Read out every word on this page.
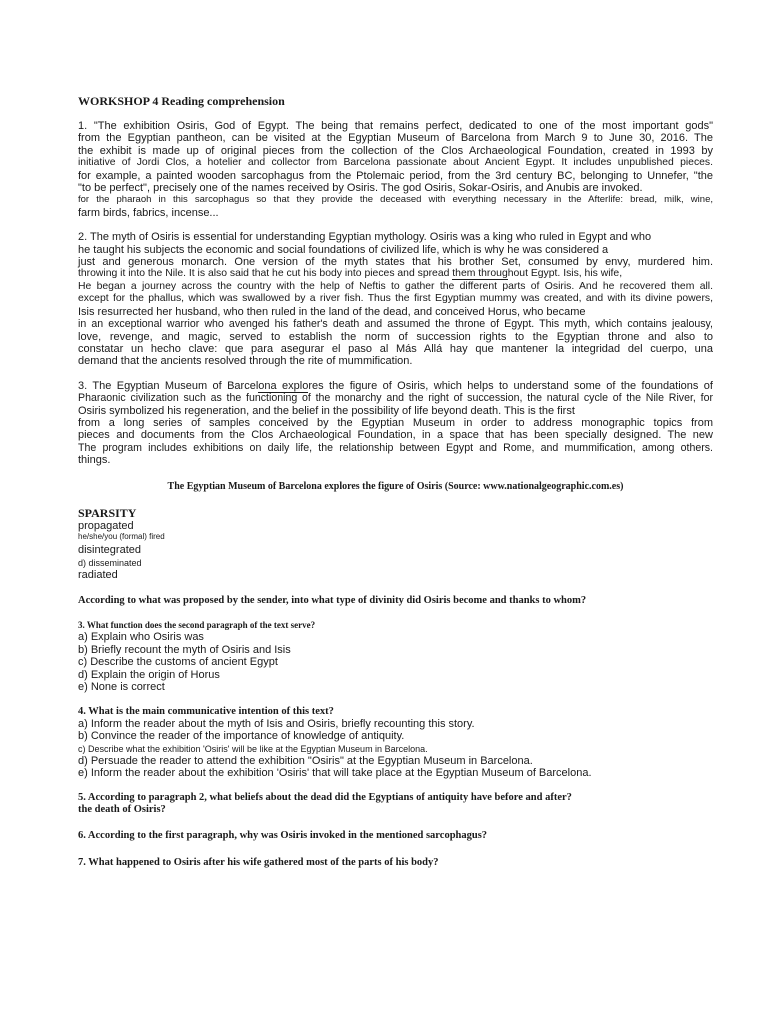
WORKSHOP 4 Reading comprehension
1. "The exhibition Osiris, God of Egypt. The being that remains perfect, dedicated to one of the most important gods"
from the Egyptian pantheon, can be visited at the Egyptian Museum of Barcelona from March 9 to June 30, 2016. The
the exhibit is made up of original pieces from the collection of the Clos Archaeological Foundation, created in 1993 by
initiative of Jordi Clos, a hotelier and collector from Barcelona passionate about Ancient Egypt. It includes unpublished pieces.
for example, a painted wooden sarcophagus from the Ptolemaic period, from the 3rd century BC, belonging to Unnefer, "the
"to be perfect", precisely one of the names received by Osiris. The god Osiris, Sokar-Osiris, and Anubis are invoked.
for the pharaoh in this sarcophagus so that they provide the deceased with everything necessary in the Afterlife: bread, milk, wine,
farm birds, fabrics, incense...
2. The myth of Osiris is essential for understanding Egyptian mythology. Osiris was a king who ruled in Egypt and who
he taught his subjects the economic and social foundations of civilized life, which is why he was considered a
just and generous monarch. One version of the myth states that his brother Set, consumed by envy, murdered him.
throwing it into the Nile. It is also said that he cut his body into pieces and spread them throughout Egypt. Isis, his wife,
He began a journey across the country with the help of Neftis to gather the different parts of Osiris. And he recovered them all.
except for the phallus, which was swallowed by a river fish. Thus the first Egyptian mummy was created, and with its divine powers,
Isis resurrected her husband, who then ruled in the land of the dead, and conceived Horus, who became
in an exceptional warrior who avenged his father's death and assumed the throne of Egypt. This myth, which contains jealousy,
love, revenge, and magic, served to establish the norm of succession rights to the Egyptian throne and also to
constatar un hecho clave: que para asegurar el paso al Más Allá hay que mantener la integridad del cuerpo, una
demand that the ancients resolved through the rite of mummification.
3. The Egyptian Museum of Barcelona explores the figure of Osiris, which helps to understand some of the foundations of
Pharaonic civilization such as the functioning of the monarchy and the right of succession, the natural cycle of the Nile River, for
Osiris symbolized his regeneration, and the belief in the possibility of life beyond death. This is the first
from a long series of samples conceived by the Egyptian Museum in order to address monographic topics from
pieces and documents from the Clos Archaeological Foundation, in a space that has been specially designed. The new
The program includes exhibitions on daily life, the relationship between Egypt and Rome, and mummification, among others.
things.
The Egyptian Museum of Barcelona explores the figure of Osiris (Source: www.nationalgeographic.com.es)
SPARSITY
propagated
he/she/you (formal) fired
disintegrated
d) disseminated
radiated
According to what was proposed by the sender, into what type of divinity did Osiris become and thanks to whom?
3. What function does the second paragraph of the text serve?
a) Explain who Osiris was
b) Briefly recount the myth of Osiris and Isis
c) Describe the customs of ancient Egypt
d) Explain the origin of Horus
e) None is correct
4. What is the main communicative intention of this text?
a) Inform the reader about the myth of Isis and Osiris, briefly recounting this story.
b) Convince the reader of the importance of knowledge of antiquity.
c) Describe what the exhibition 'Osiris' will be like at the Egyptian Museum in Barcelona.
d) Persuade the reader to attend the exhibition "Osiris" at the Egyptian Museum in Barcelona.
e) Inform the reader about the exhibition 'Osiris' that will take place at the Egyptian Museum of Barcelona.
5. According to paragraph 2, what beliefs about the dead did the Egyptians of antiquity have before and after?
the death of Osiris?
6. According to the first paragraph, why was Osiris invoked in the mentioned sarcophagus?
7. What happened to Osiris after his wife gathered most of the parts of his body?
